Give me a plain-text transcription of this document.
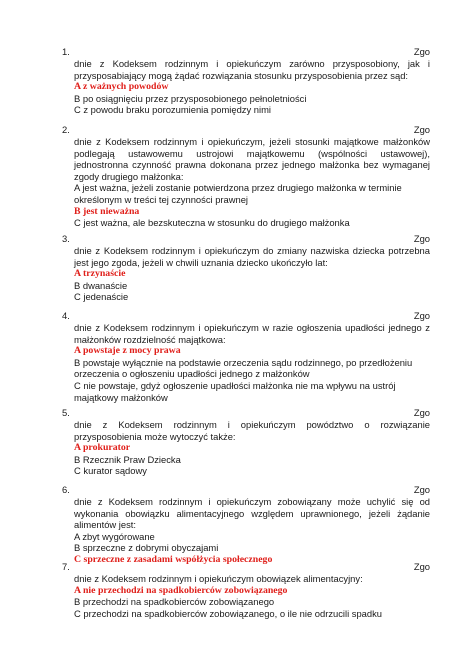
1.	Zgo
dnie z Kodeksem rodzinnym i opiekuńczym zarówno przysposobiony, jak i przysposabiający mogą żądać rozwiązania stosunku przysposobienia przez sąd:
A z ważnych powodów
B po osiągnięciu przez przysposobionego pełnoletniości
C z powodu braku porozumienia pomiędzy nimi
2.	Zgo
dnie z Kodeksem rodzinnym i opiekuńczym, jeżeli stosunki majątkowe małżonków podlegają ustawowemu ustrojowi majątkowemu (wspólności ustawowej), jednostronna czynność prawna dokonana przez jednego małżonka bez wymaganej zgody drugiego małżonka:
A jest ważna, jeżeli zostanie potwierdzona przez drugiego małżonka w terminie określonym w treści tej czynności prawnej
B jest nieważna
C jest ważna, ale bezskuteczna w stosunku do drugiego małżonka
3.	Zgo
dnie z Kodeksem rodzinnym i opiekuńczym do zmiany nazwiska dziecka potrzebna jest jego zgoda, jeżeli w chwili uznania dziecko ukończyło lat:
A trzynaście
B dwanaście
C jedenaście
4.	Zgo
dnie z Kodeksem rodzinnym i opiekuńczym w razie ogłoszenia upadłości jednego z małżonków rozdzielność majątkowa:
A powstaje z mocy prawa
B powstaje wyłącznie na podstawie orzeczenia sądu rodzinnego, po przedłożeniu orzeczenia o ogłoszeniu upadłości jednego z małżonków
C nie powstaje, gdyż ogłoszenie upadłości małżonka nie ma wpływu na ustrój majątkowy małżonków
5.	Zgo
dnie z Kodeksem rodzinnym i opiekuńczym powództwo o rozwiązanie przysposobienia może wytoczyć także:
A prokurator
B Rzecznik Praw Dziecka
C kurator sądowy
6.	Zgo
dnie z Kodeksem rodzinnym i opiekuńczym zobowiązany może uchylić się od wykonania obowiązku alimentacyjnego względem uprawnionego, jeżeli żądanie alimentów jest:
A zbyt wygórowane
B sprzeczne z dobrymi obyczajami
C sprzeczne z zasadami współżycia społecznego
7.	Zgo
dnie z Kodeksem rodzinnym i opiekuńczym obowiązek alimentacyjny:
A nie przechodzi na spadkobierców zobowiązanego
B przechodzi na spadkobierców zobowiązanego
C przechodzi na spadkobierców zobowiązanego, o ile nie odrzucili spadku
